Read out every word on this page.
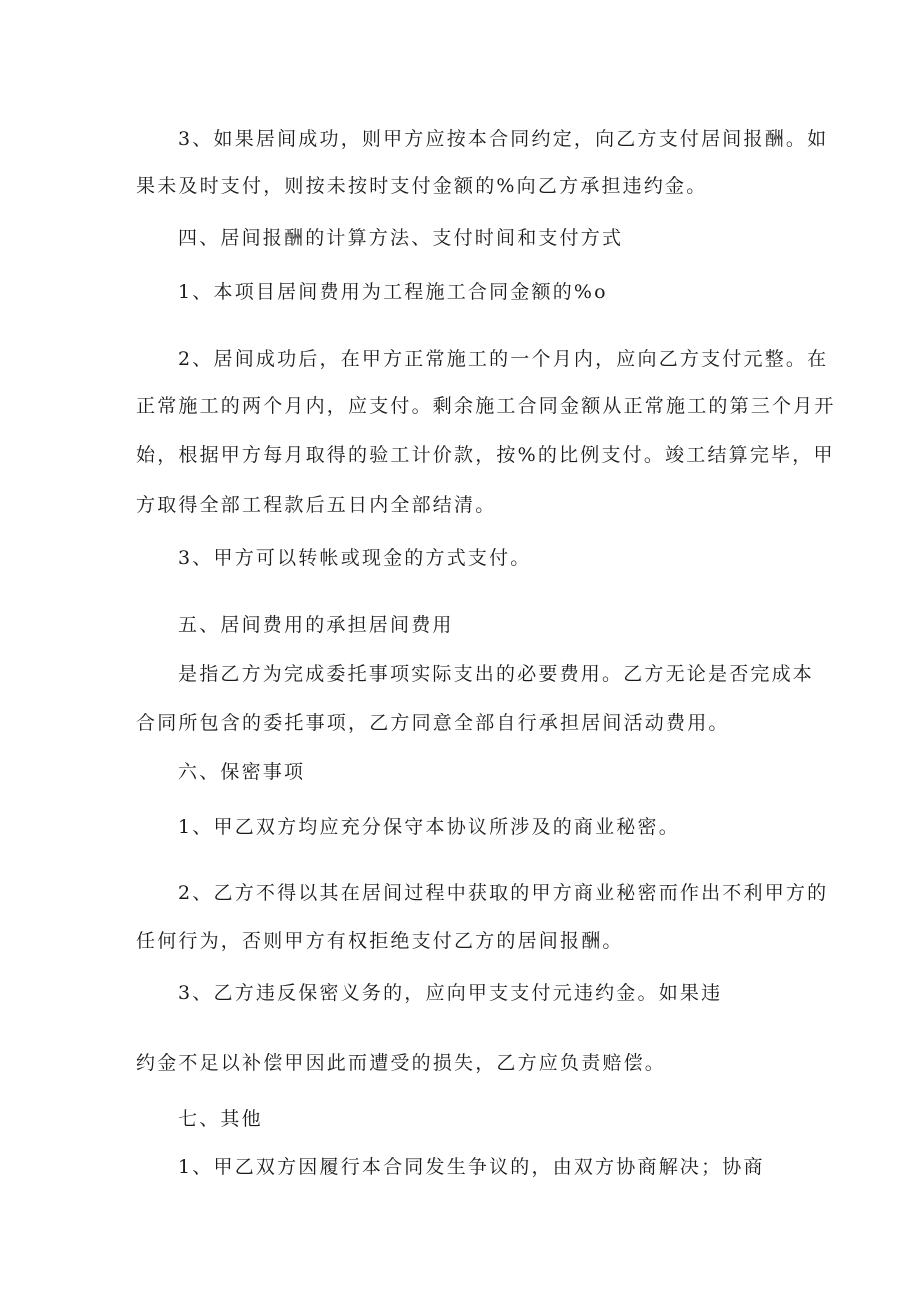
3、如果居间成功，则甲方应按本合同约定，向乙方支付居间报酬。如
果未及时支付，则按未按时支付金额的%向乙方承担违约金。
四、居间报酬的计算方法、支付时间和支付方式
1、本项目居间费用为工程施工合同金额的%o
2、居间成功后，在甲方正常施工的一个月内，应向乙方支付元整。在
正常施工的两个月内，应支付。剩余施工合同金额从正常施工的第三个月开
始，根据甲方每月取得的验工计价款，按%的比例支付。竣工结算完毕，甲
方取得全部工程款后五日内全部结清。
3、甲方可以转帐或现金的方式支付。
五、居间费用的承担居间费用
是指乙方为完成委托事项实际支出的必要费用。乙方无论是否完成本
合同所包含的委托事项，乙方同意全部自行承担居间活动费用。
六、保密事项
1、甲乙双方均应充分保守本协议所涉及的商业秘密。
2、乙方不得以其在居间过程中获取的甲方商业秘密而作出不利甲方的
任何行为，否则甲方有权拒绝支付乙方的居间报酬。
3、乙方违反保密义务的，应向甲支支付元违约金。如果违
约金不足以补偿甲因此而遭受的损失，乙方应负责赔偿。
七、其他
1、甲乙双方因履行本合同发生争议的，由双方协商解决；协商
